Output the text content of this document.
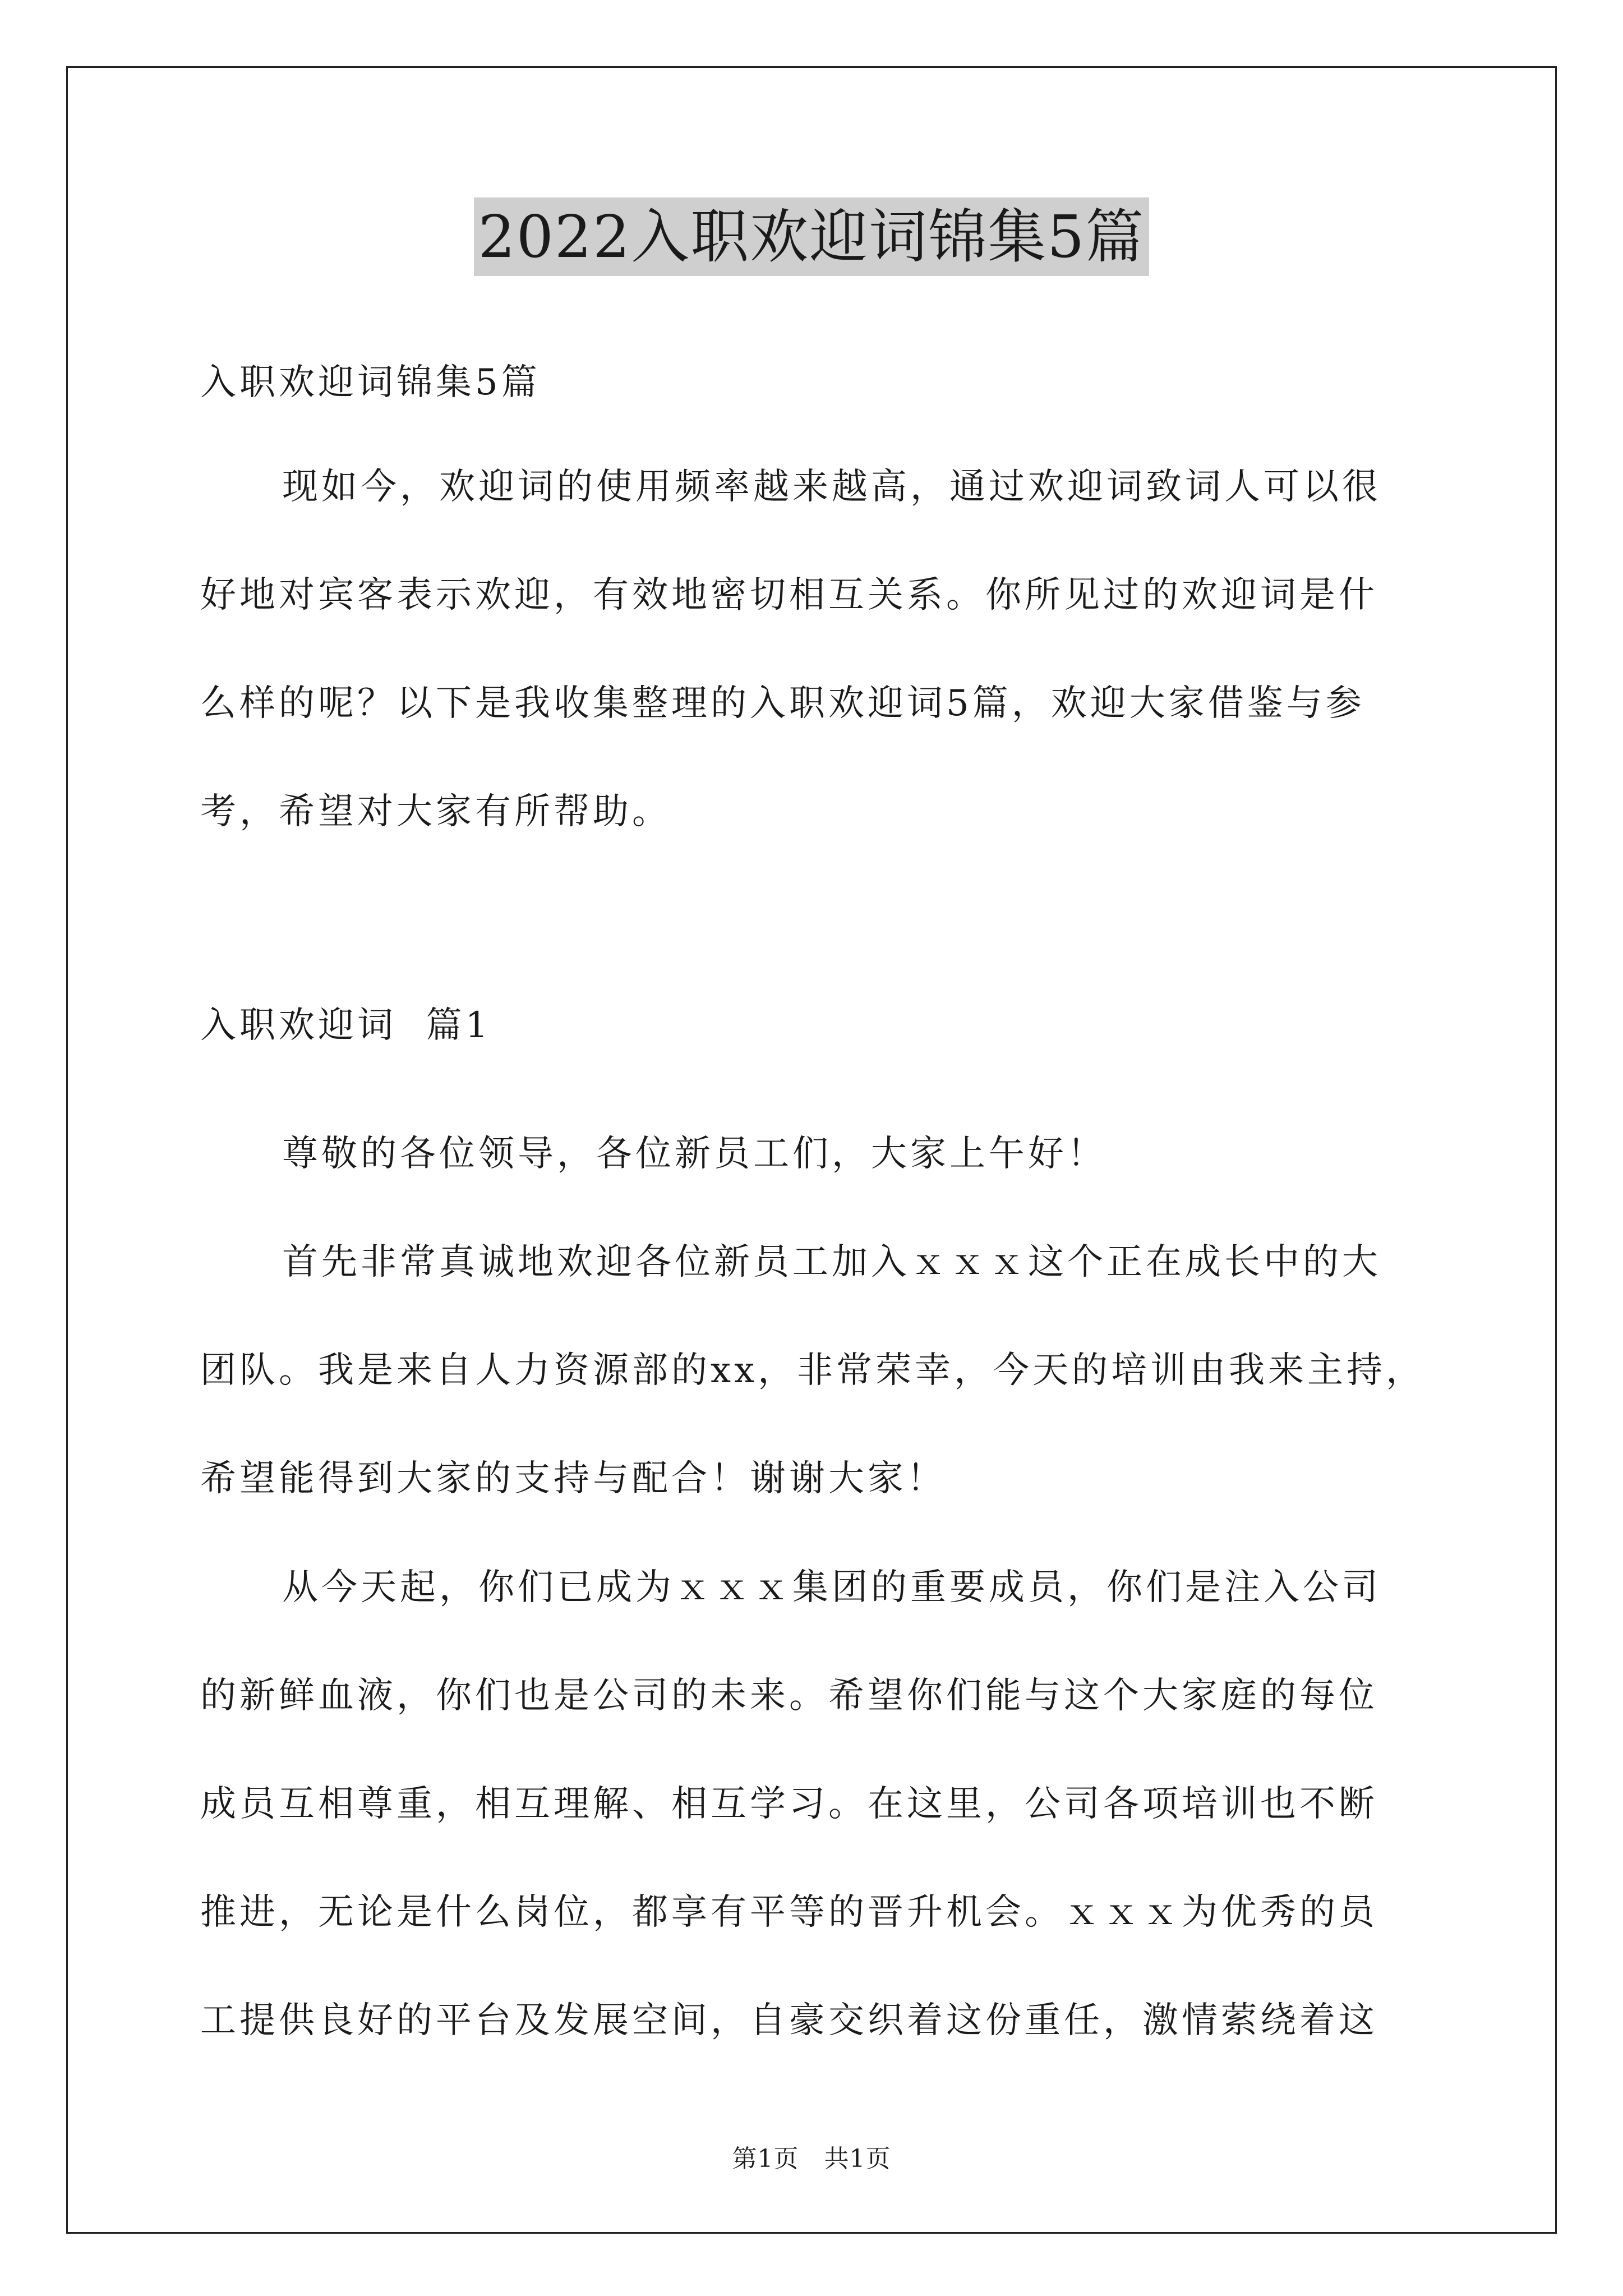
2022入职欢迎词锦集5篇
入职欢迎词锦集5篇
现如今，欢迎词的使用频率越来越高，通过欢迎词致词人可以很
好地对宾客表示欢迎，有效地密切相互关系。你所见过的欢迎词是什
么样的呢？以下是我收集整理的入职欢迎词5篇，欢迎大家借鉴与参
考，希望对大家有所帮助。
入职欢迎词  篇1
尊敬的各位领导，各位新员工们，大家上午好！
首先非常真诚地欢迎各位新员工加入ｘｘｘ这个正在成长中的大
团队。我是来自人力资源部的xx，非常荣幸，今天的培训由我来主持，
希望能得到大家的支持与配合！谢谢大家！
从今天起，你们已成为ｘｘｘ集团的重要成员，你们是注入公司
的新鲜血液，你们也是公司的未来。希望你们能与这个大家庭的每位
成员互相尊重，相互理解、相互学习。在这里，公司各项培训也不断
推进，无论是什么岗位，都享有平等的晋升机会。ｘｘｘ为优秀的员
工提供良好的平台及发展空间，自豪交织着这份重任，激情萦绕着这
第1页   共1页
